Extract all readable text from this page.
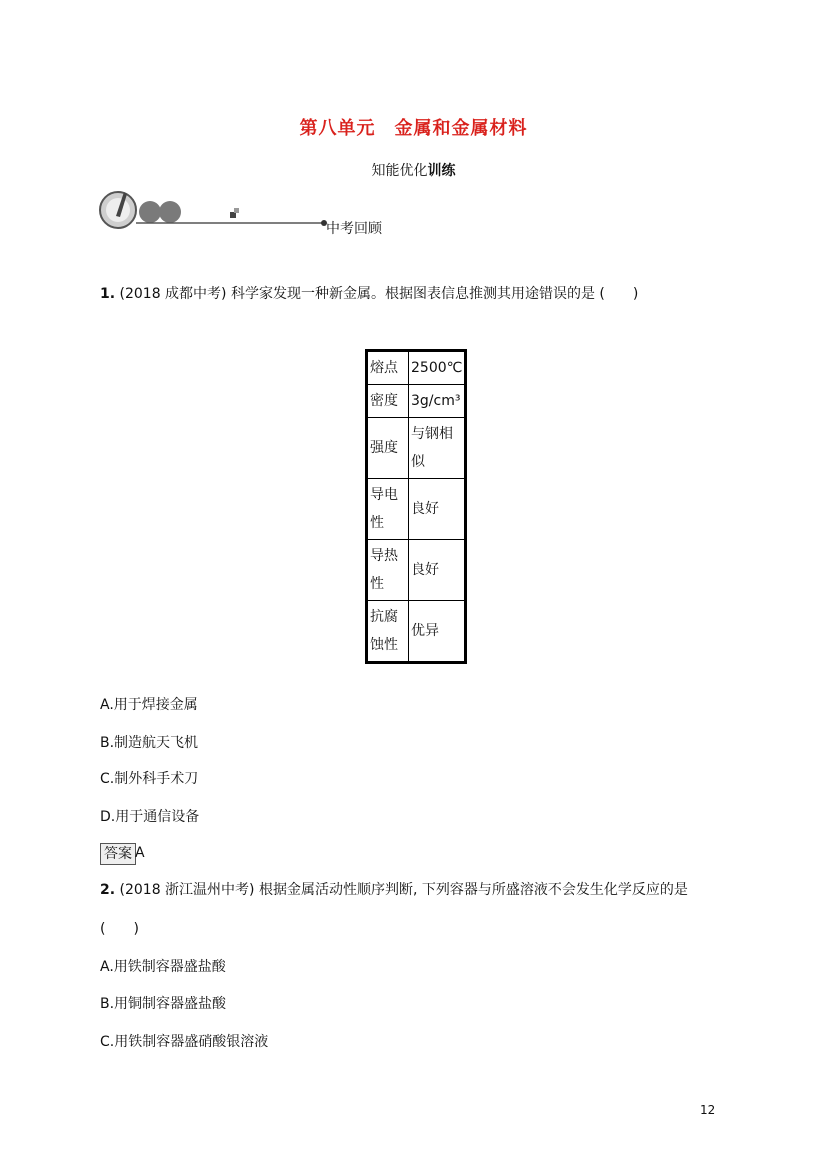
第八单元　金属和金属材料
知能优化训练
中考回顾
1. (2018 成都中考) 科学家发现一种新金属。根据图表信息推测其用途错误的是 (　　)
熔点	2500℃
密度	3g/cm³
强度	与钢相似
导电性	良好
导热性	良好
抗腐蚀性	优异
A.用于焊接金属
B.制造航天飞机
C.制外科手术刀
D.用于通信设备
答案 A
2. (2018 浙江温州中考) 根据金属活动性顺序判断, 下列容器与所盛溶液不会发生化学反应的是
(　　)
A.用铁制容器盛盐酸
B.用铜制容器盛盐酸
C.用铁制容器盛硝酸银溶液
12
